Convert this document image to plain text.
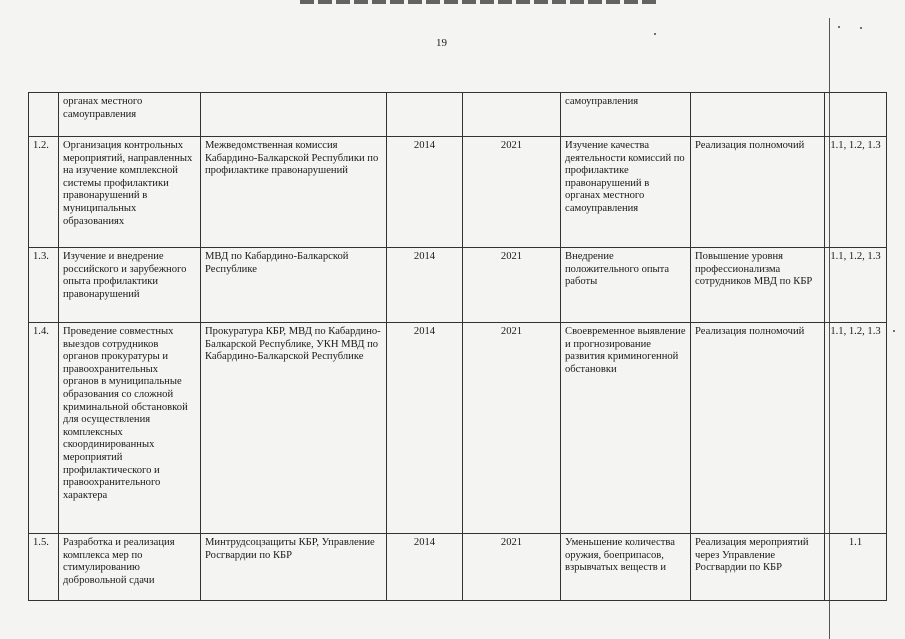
19
	органах местного самоуправления				самоуправления		
1.2.	Организация контрольных мероприятий, направленных на изучение комплексной системы профилактики правонарушений в муниципальных образованиях	Межведомственная комиссия Кабардино-Балкарской Республики по профилактике правонарушений	2014	2021	Изучение качества деятельности комиссий по профилактике правонарушений в органах местного самоуправления	Реализация полномочий	1.1, 1.2, 1.3
1.3.	Изучение и внедрение российского и зарубежного опыта профилактики правонарушений	МВД по Кабардино-Балкарской Республике	2014	2021	Внедрение положительного опыта работы	Повышение уровня профессионализма сотрудников МВД по КБР	1.1, 1.2, 1.3
1.4.	Проведение совместных выездов сотрудников органов прокуратуры и правоохранительных органов в муниципальные образования со сложной криминальной обстановкой для осуществления комплексных скоординированных мероприятий профилактического и правоохранительного характера	Прокуратура КБР, МВД по Кабардино-Балкарской Республике, УКН МВД по Кабардино-Балкарской Республике	2014	2021	Своевременное выявление и прогнозирование развития криминогенной обстановки	Реализация полномочий	1.1, 1.2, 1.3
1.5.	Разработка и реализация комплекса мер по стимулированию добровольной сдачи	Минтрудсоцзащиты КБР, Управление Росгвардии по КБР	2014	2021	Уменьшение количества оружия, боеприпасов, взрывчатых веществ и	Реализация мероприятий через Управление Росгвардии по КБР	1.1
